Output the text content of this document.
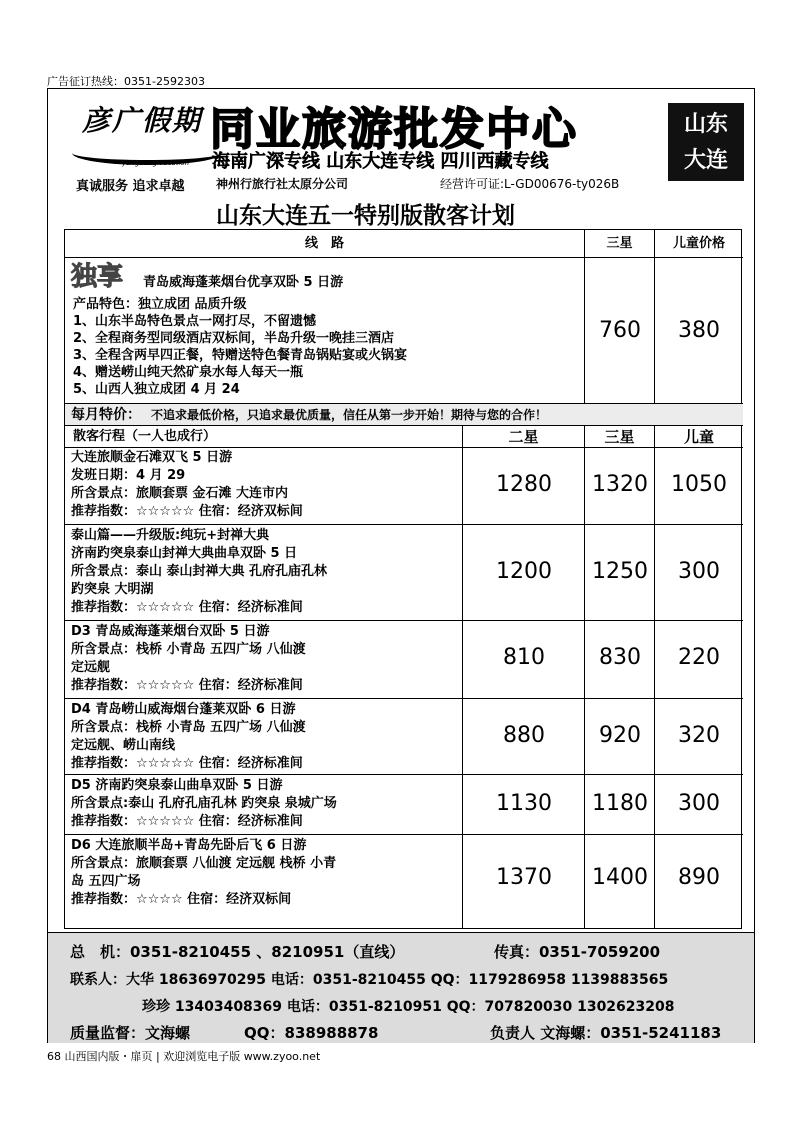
广告征订热线：0351-2592303
彦广假期
yanguang vacation
真诚服务 追求卓越
同业旅游批发中心
海南广深专线 山东大连专线 四川西藏专线
神州行旅行社太原分公司	经营许可证:L-GD00676-ty026B
山东
大连
山东大连五一特别版散客计划
线　路	三星	儿童价格
独享 青岛威海蓬莱烟台优享双卧 5 日游
产品特色：独立成团 品质升级
1、山东半岛特色景点一网打尽，不留遗憾
2、全程商务型同级酒店双标间，半岛升级一晚挂三酒店
3、全程含两早四正餐，特赠送特色餐青岛锅贴宴或火锅宴
4、赠送崂山纯天然矿泉水每人每天一瓶
5、山西人独立成团 4 月 24
760	380
每月特价： 不追求最低价格，只追求最优质量，信任从第一步开始！期待与您的合作！
散客行程（一人也成行）	二星	三星	儿童
大连旅顺金石滩双飞 5 日游
发班日期：4 月 29
所含景点：旅顺套票 金石滩 大连市内
推荐指数：☆☆☆☆☆ 住宿：经济双标间
1280	1320	1050
泰山篇——升级版:纯玩+封禅大典
济南趵突泉泰山封禅大典曲阜双卧 5 日
所含景点：泰山 泰山封禅大典 孔府孔庙孔林
趵突泉 大明湖
推荐指数：☆☆☆☆☆ 住宿：经济标准间
1200	1250	300
D3 青岛威海蓬莱烟台双卧 5 日游
所含景点：栈桥 小青岛 五四广场 八仙渡
定远舰
推荐指数：☆☆☆☆☆ 住宿：经济标准间
810	830	220
D4 青岛崂山威海烟台蓬莱双卧 6 日游
所含景点：栈桥 小青岛 五四广场 八仙渡
定远舰、崂山南线
推荐指数：☆☆☆☆☆ 住宿：经济标准间
880	920	320
D5 济南趵突泉泰山曲阜双卧 5 日游
所含景点:泰山 孔府孔庙孔林 趵突泉 泉城广场
推荐指数：☆☆☆☆☆ 住宿：经济标准间
1130	1180	300
D6 大连旅顺半岛+青岛先卧后飞 6 日游
所含景点：旅顺套票 八仙渡 定远舰 栈桥 小青
岛 五四广场
推荐指数：☆☆☆☆ 住宿：经济双标间
1370	1400	890
总　机：0351-8210455 、8210951（直线）	传真：0351-7059200
联系人：大华 18636970295 电话：0351-8210455 QQ：1179286958 1139883565
珍珍 13403408369 电话：0351-8210951 QQ：707820030 1302623208
质量监督：文海螺	QQ：838988878	负责人 文海螺：0351-5241183
68 山西国内版・扉页 | 欢迎浏览电子版 www.zyoo.net
